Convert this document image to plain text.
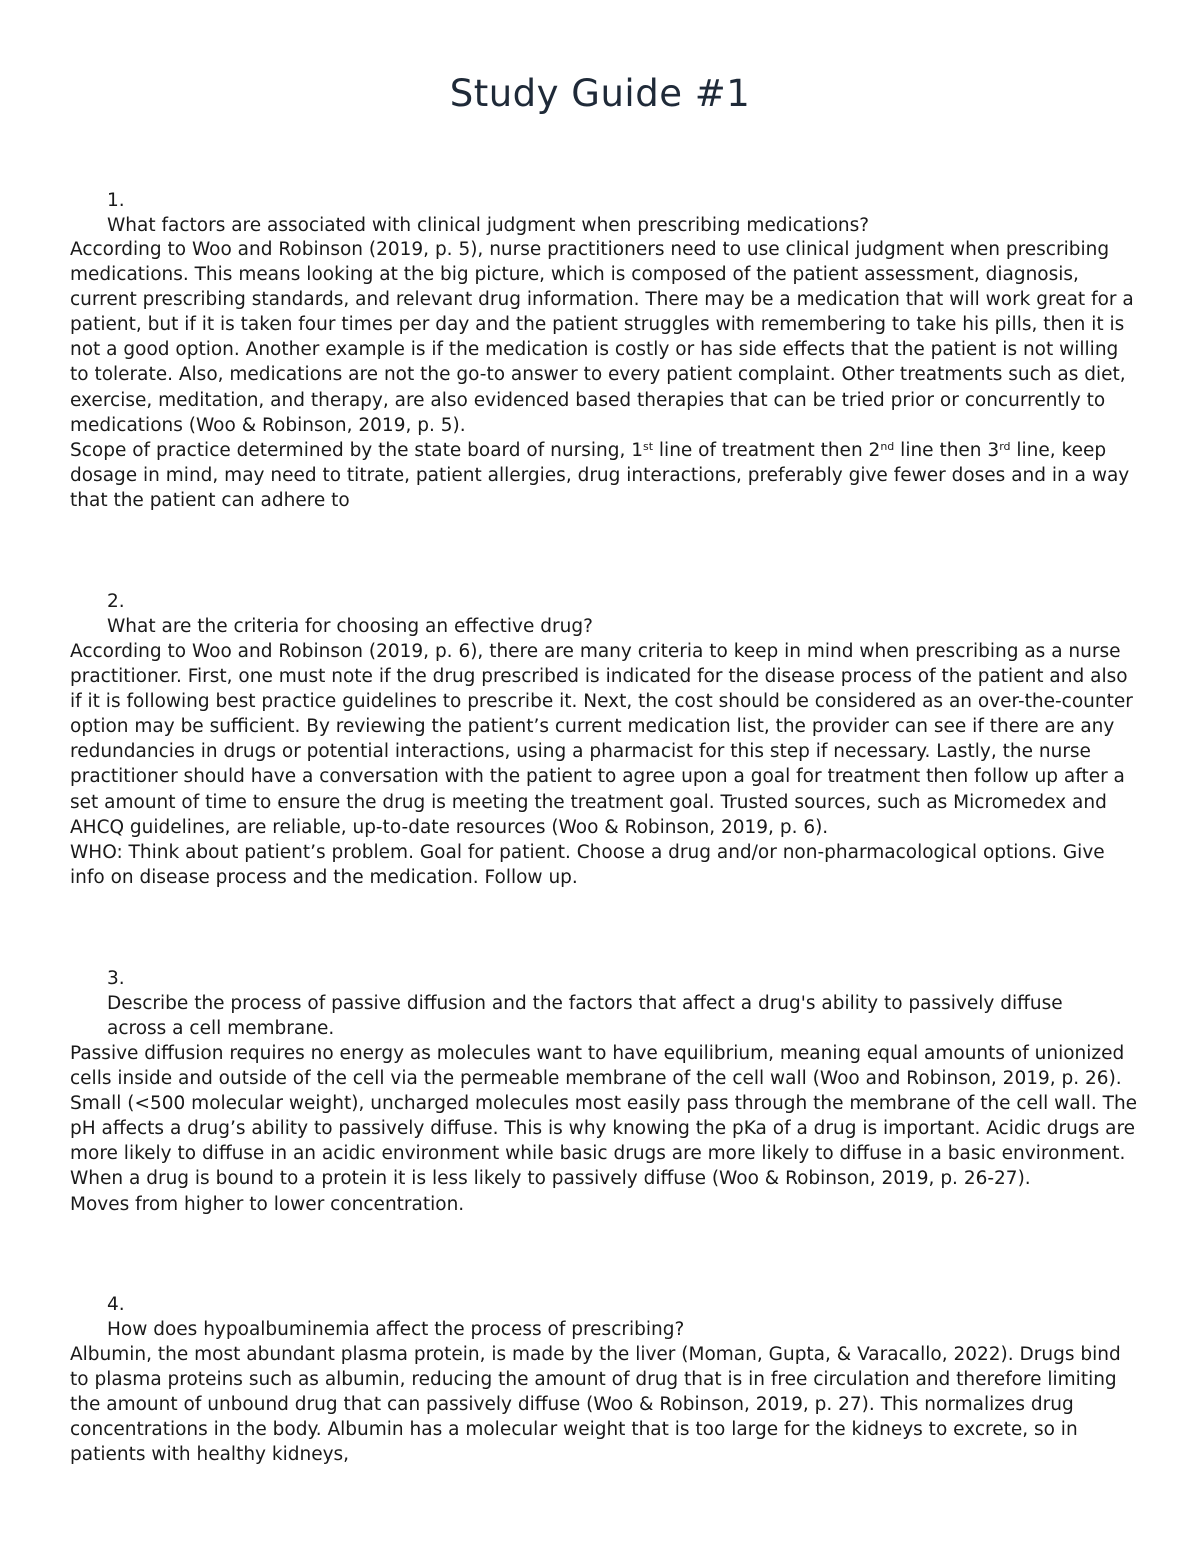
Study Guide #1
1.What factors are associated with clinical judgment when prescribing medications?

According to Woo and Robinson (2019, p. 5), nurse practitioners need to use clinical judgment when prescribing medications. This means looking at the big picture, which is composed of the patient assessment, diagnosis, current prescribing standards, and relevant drug information. There may be a medication that will work great for a patient, but if it is taken four times per day and the patient struggles with remembering to take his pills, then it is not a good option. Another example is if the medication is costly or has side effects that the patient is not willing to tolerate. Also, medications are not the go-to answer to every patient complaint. Other treatments such as diet, exercise, meditation, and therapy, are also evidenced based therapies that can be tried prior or concurrently to medications (Woo & Robinson, 2019, p. 5).

Scope of practice determined by the state board of nursing, 1st line of treatment then 2nd line then 3rd line, keep dosage in mind, may need to titrate, patient allergies, drug interactions, preferably give fewer doses and in a way that the patient can adhere to

2.What are the criteria for choosing an effective drug?

According to Woo and Robinson (2019, p. 6), there are many criteria to keep in mind when prescribing as a nurse practitioner. First, one must note if the drug prescribed is indicated for the disease process of the patient and also if it is following best practice guidelines to prescribe it. Next, the cost should be considered as an over-the-counter option may be sufficient. By reviewing the patient’s current medication list, the provider can see if there are any redundancies in drugs or potential interactions, using a pharmacist for this step if necessary. Lastly, the nurse practitioner should have a conversation with the patient to agree upon a goal for treatment then follow up after a set amount of time to ensure the drug is meeting the treatment goal. Trusted sources, such as Micromedex and AHCQ guidelines, are reliable, up-to-date resources (Woo & Robinson, 2019, p. 6).

WHO: Think about patient’s problem. Goal for patient. Choose a drug and/or non-pharmacological options. Give info on disease process and the medication. Follow up.

3.Describe the process of passive diffusion and the factors that affect a drug's ability to passively diffuse across a cell membrane.

Passive diffusion requires no energy as molecules want to have equilibrium, meaning equal amounts of unionized cells inside and outside of the cell via the permeable membrane of the cell wall (Woo and Robinson, 2019, p. 26). Small (<500 molecular weight), uncharged molecules most easily pass through the membrane of the cell wall. The pH affects a drug’s ability to passively diffuse. This is why knowing the pKa of a drug is important. Acidic drugs are more likely to diffuse in an acidic environment while basic drugs are more likely to diffuse in a basic environment. When a drug is bound to a protein it is less likely to passively diffuse (Woo & Robinson, 2019, p. 26-27).

Moves from higher to lower concentration.

4.How does hypoalbuminemia affect the process of prescribing?

Albumin, the most abundant plasma protein, is made by the liver (Moman, Gupta, & Varacallo, 2022). Drugs bind to plasma proteins such as albumin, reducing the amount of drug that is in free circulation and therefore limiting the amount of unbound drug that can passively diffuse (Woo & Robinson, 2019, p. 27). This normalizes drug concentrations in the body. Albumin has a molecular weight that is too large for the kidneys to excrete, so in patients with healthy kidneys,
